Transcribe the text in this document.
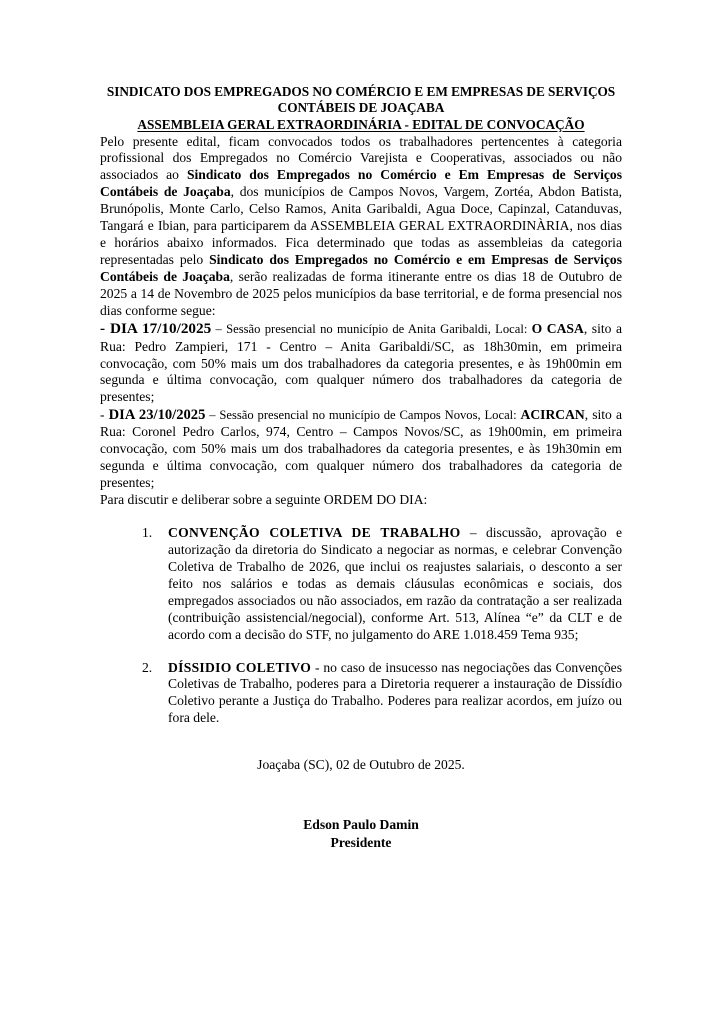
SINDICATO DOS EMPREGADOS NO COMÉRCIO E EM EMPRESAS DE SERVIÇOS
CONTÁBEIS DE JOAÇABA
ASSEMBLEIA GERAL EXTRAORDINÁRIA - EDITAL DE CONVOCAÇÃO

Pelo presente edital, ficam convocados todos os trabalhadores pertencentes à categoria profissional dos Empregados no Comércio Varejista e Cooperativas, associados ou não associados ao Sindicato dos Empregados no Comércio e Em Empresas de Serviços Contábeis de Joaçaba, dos municípios de Campos Novos, Vargem, Zortéa, Abdon Batista, Brunópolis, Monte Carlo, Celso Ramos, Anita Garibaldi, Agua Doce, Capinzal, Catanduvas, Tangará e Ibian, para participarem da ASSEMBLEIA GERAL EXTRAORDINÀRIA, nos dias e horários abaixo informados. Fica determinado que todas as assembleias da categoria representadas pelo Sindicato dos Empregados no Comércio e em Empresas de Serviços Contábeis de Joaçaba, serão realizadas de forma itinerante entre os dias 18 de Outubro de 2025 a 14 de Novembro de 2025 pelos municípios da base territorial, e de forma presencial nos dias conforme segue:

- DIA 17/10/2025 – Sessão presencial no município de Anita Garibaldi, Local: O CASA, sito a Rua: Pedro Zampieri, 171 - Centro – Anita Garibaldi/SC, as 18h30min, em primeira convocação, com 50% mais um dos trabalhadores da categoria presentes, e às 19h00min em segunda e última convocação, com qualquer número dos trabalhadores da categoria de presentes;

- DIA 23/10/2025 – Sessão presencial no município de Campos Novos, Local: ACIRCAN, sito a Rua: Coronel Pedro Carlos, 974, Centro – Campos Novos/SC, as 19h00min, em primeira convocação, com 50% mais um dos trabalhadores da categoria presentes, e às 19h30min em segunda e última convocação, com qualquer número dos trabalhadores da categoria de presentes;

Para discutir e deliberar sobre a seguinte ORDEM DO DIA:

CONVENÇÃO COLETIVA DE TRABALHO – discussão, aprovação e autorização da diretoria do Sindicato a negociar as normas, e celebrar Convenção Coletiva de Trabalho de 2026, que inclui os reajustes salariais, o desconto a ser feito nos salários e todas as demais cláusulas econômicas e sociais, dos empregados associados ou não associados, em razão da contratação a ser realizada (contribuição assistencial/negocial), conforme Art. 513, Alínea “e” da CLT e de acordo com a decisão do STF, no julgamento do ARE 1.018.459 Tema 935;
DÍSSIDIO COLETIVO - no caso de insucesso nas negociações das Convenções Coletivas de Trabalho, poderes para a Diretoria requerer a instauração de Dissídio Coletivo perante a Justiça do Trabalho. Poderes para realizar acordos, em juízo ou fora dele.
Joaçaba (SC), 02 de Outubro de 2025.
Edson Paulo Damin
Presidente
